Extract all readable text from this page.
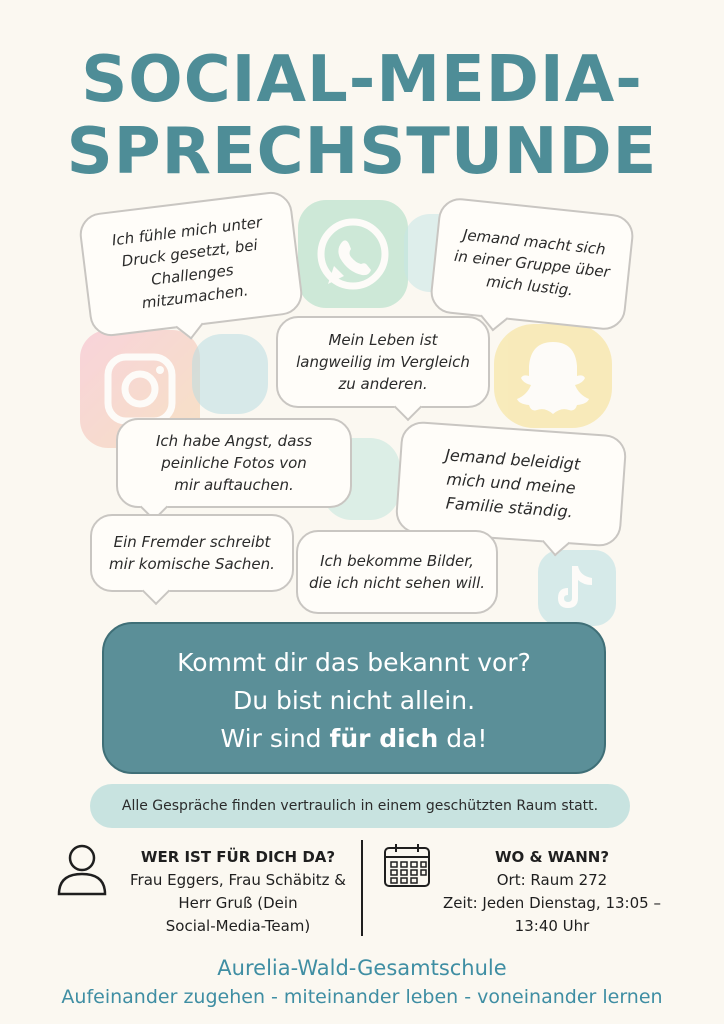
SOCIAL-MEDIA-
SPRECHSTUNDE
Ich fühle mich unter
Druck gesetzt, bei
Challenges
mitzumachen.
Jemand macht sich
in einer Gruppe über
mich lustig.
Mein Leben ist
langweilig im Vergleich
zu anderen.
Ich habe Angst, dass
peinliche Fotos von
mir auftauchen.
Jemand beleidigt
mich und meine
Familie ständig.
Ein Fremder schreibt
mir komische Sachen.	Ich bekomme Bilder,
die ich nicht sehen will.
Kommt dir das bekannt vor?
Du bist nicht allein.
Wir sind für dich da!
Alle Gespräche finden vertraulich in einem geschützten Raum statt.
WER IST FÜR DICH DA?
Frau Eggers, Frau Schäbitz &
Herr Gruß (Dein
Social-Media-Team)
WO & WANN?
Ort: Raum 272
Zeit: Jeden Dienstag, 13:05 –
13:40 Uhr
Aurelia-Wald-Gesamtschule
Aufeinander zugehen - miteinander leben - voneinander lernen
